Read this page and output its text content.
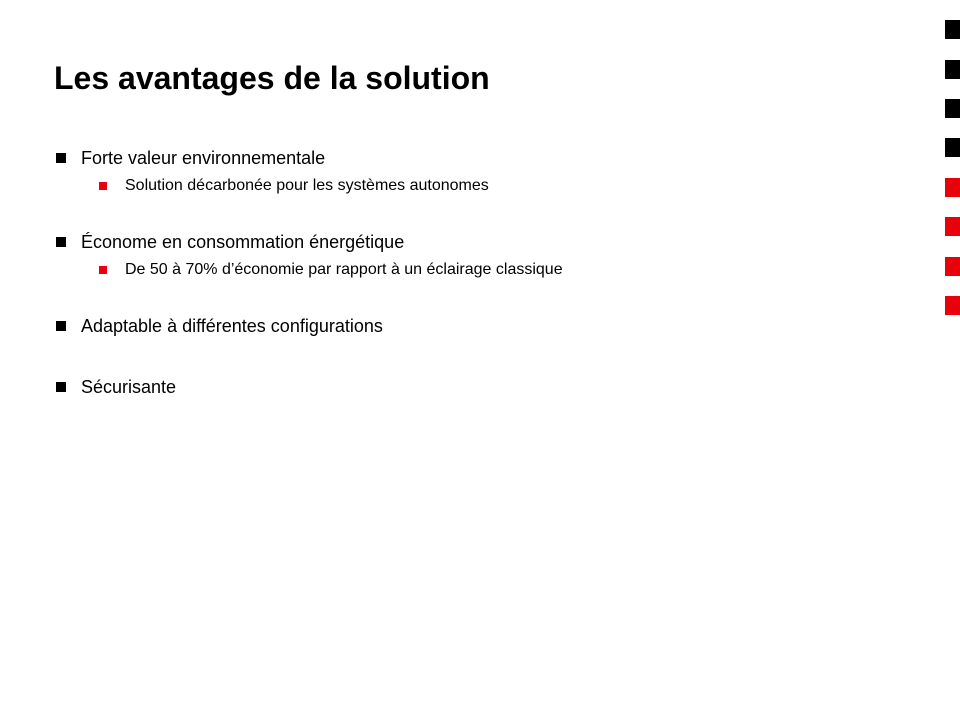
Les avantages de la solution
Forte valeur environnementale
Solution décarbonée pour les systèmes autonomes
Économe en consommation énergétique
De 50 à 70% d’économie par rapport à un éclairage classique
Adaptable à différentes configurations
Sécurisante
